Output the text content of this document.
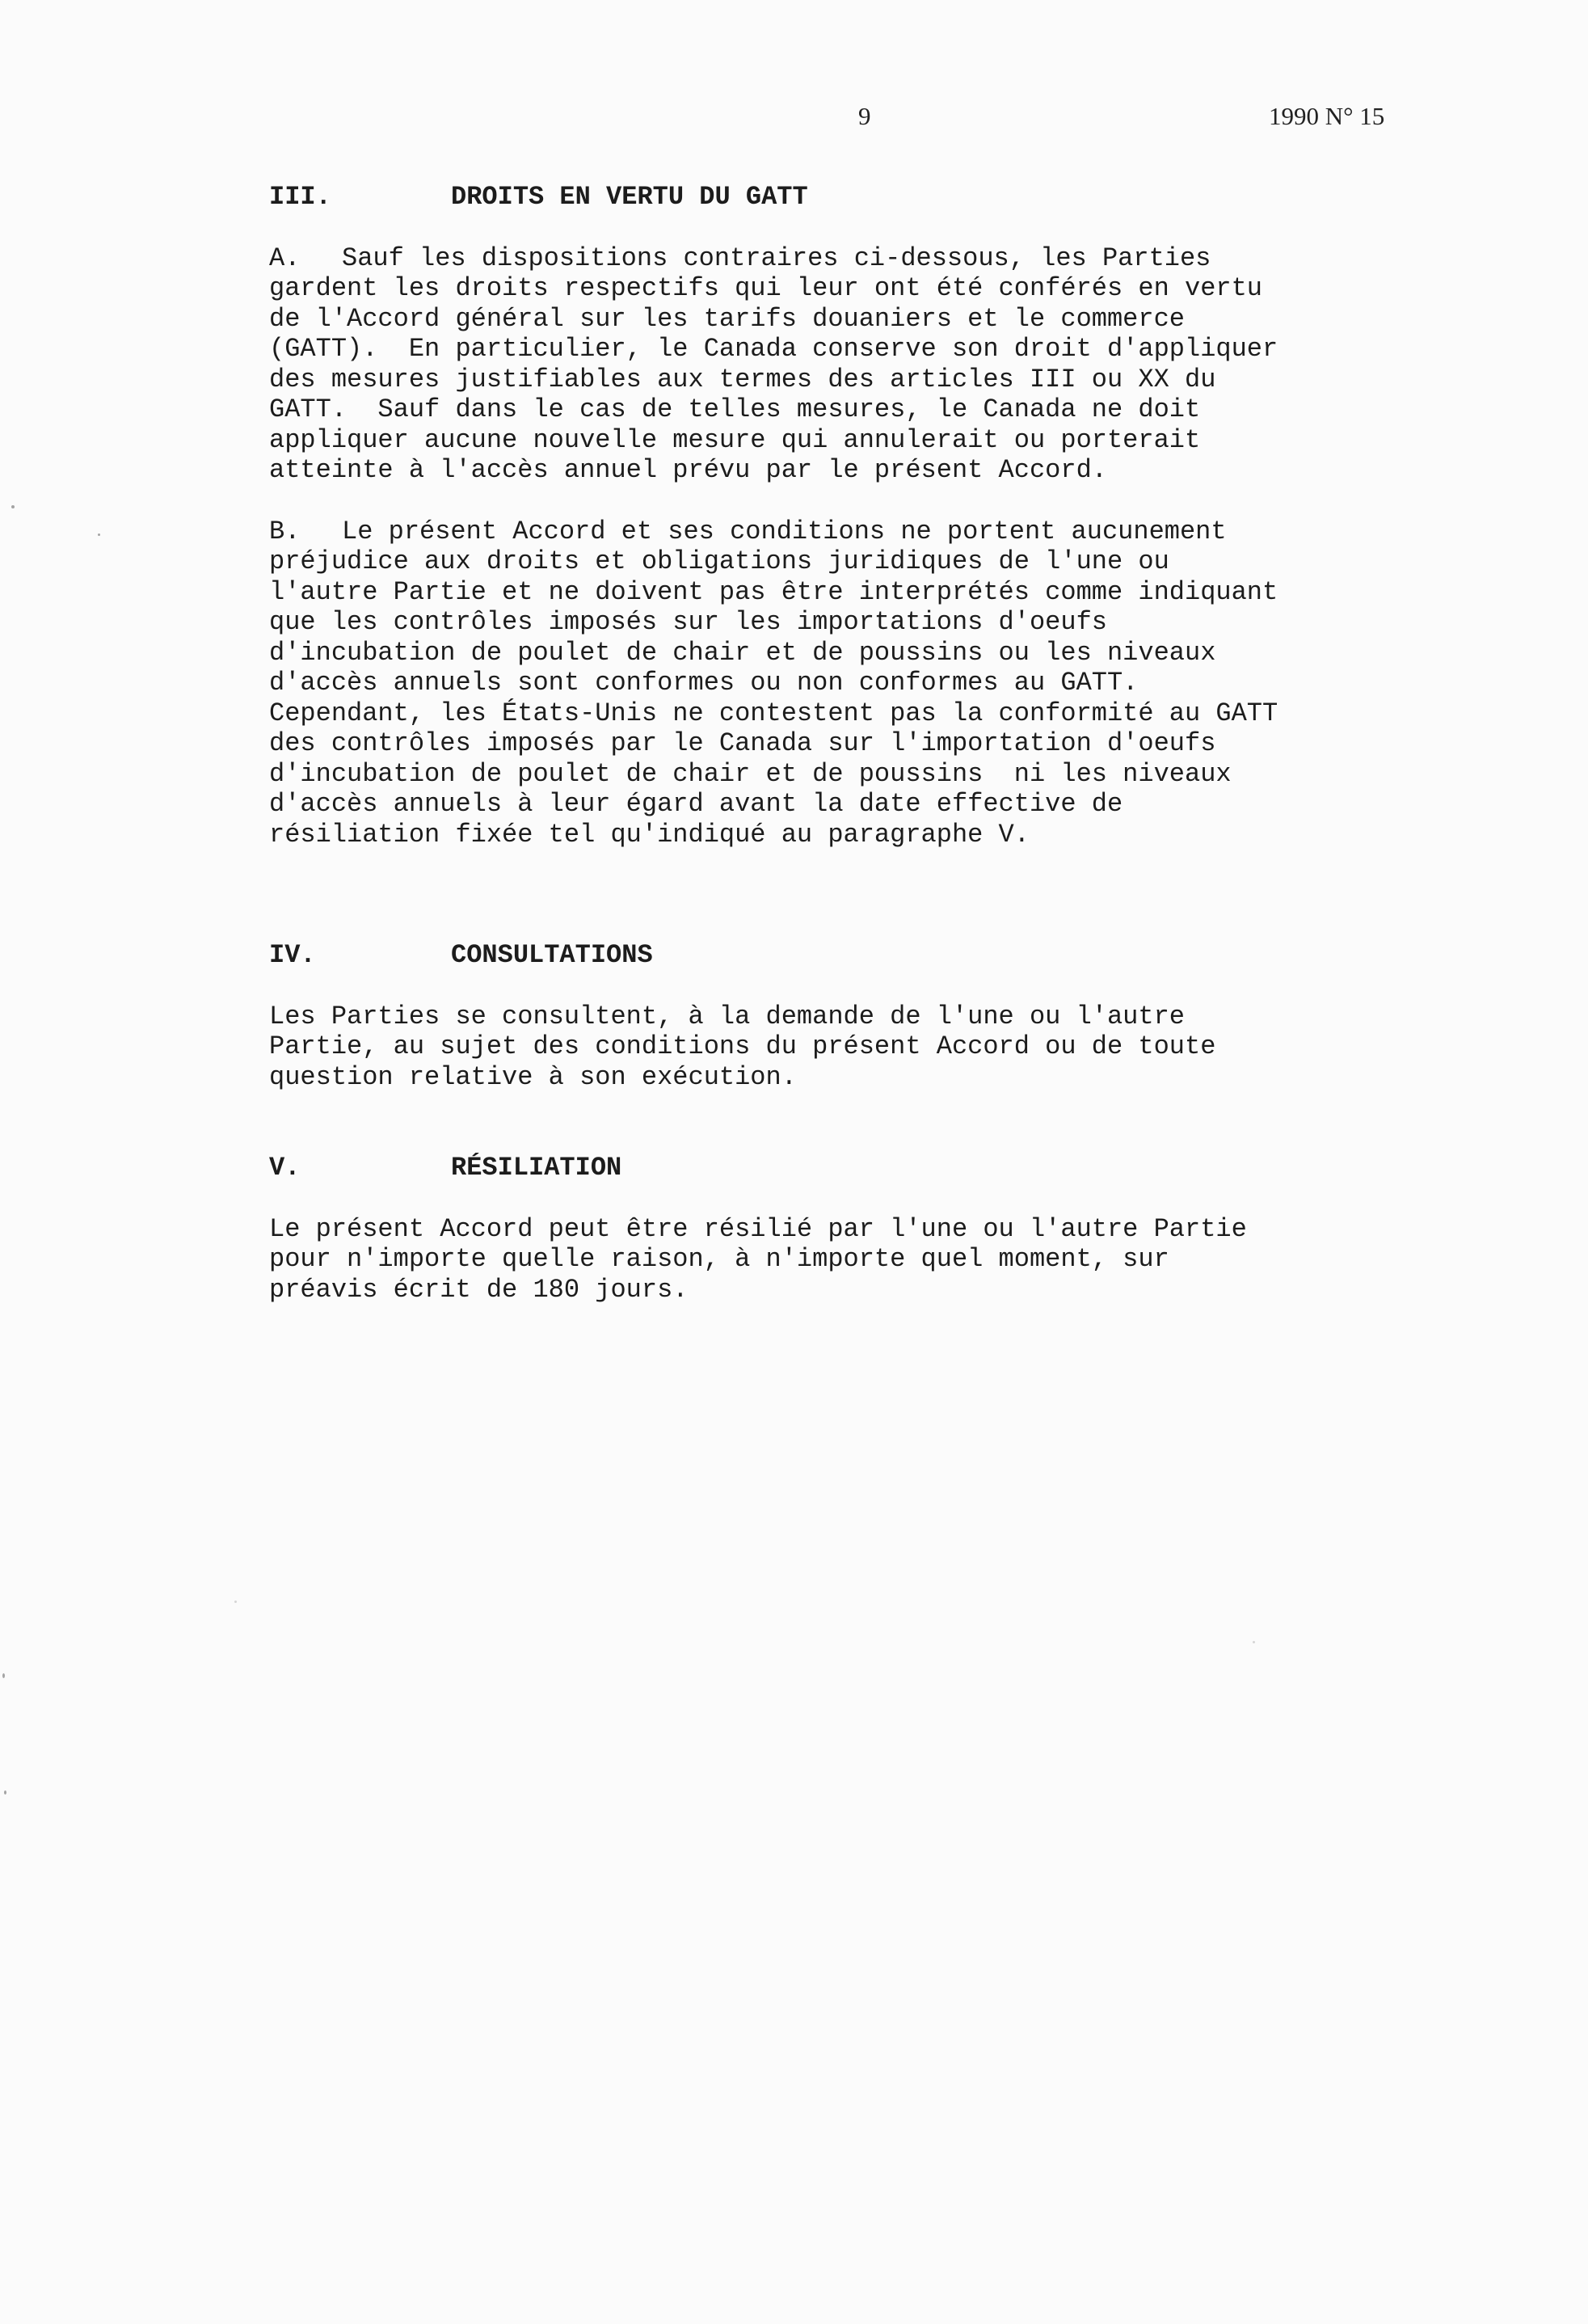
9	1990 N° 15
III.	DROITS EN VERTU DU GATT
A. Sauf les dispositions contraires ci-dessous, les Parties
gardent les droits respectifs qui leur ont été conférés en vertu
de l'Accord général sur les tarifs douaniers et le commerce
(GATT).  En particulier, le Canada conserve son droit d'appliquer
des mesures justifiables aux termes des articles III ou XX du
GATT.  Sauf dans le cas de telles mesures, le Canada ne doit
appliquer aucune nouvelle mesure qui annulerait ou porterait
atteinte à l'accès annuel prévu par le présent Accord.
B. Le présent Accord et ses conditions ne portent aucunement
préjudice aux droits et obligations juridiques de l'une ou
l'autre Partie et ne doivent pas être interprétés comme indiquant
que les contrôles imposés sur les importations d'oeufs
d'incubation de poulet de chair et de poussins ou les niveaux
d'accès annuels sont conformes ou non conformes au GATT.
Cependant, les États-Unis ne contestent pas la conformité au GATT
des contrôles imposés par le Canada sur l'importation d'oeufs
d'incubation de poulet de chair et de poussins  ni les niveaux
d'accès annuels à leur égard avant la date effective de
résiliation fixée tel qu'indiqué au paragraphe V.
IV.	CONSULTATIONS
Les Parties se consultent, à la demande de l'une ou l'autre
Partie, au sujet des conditions du présent Accord ou de toute
question relative à son exécution.
V.	RÉSILIATION
Le présent Accord peut être résilié par l'une ou l'autre Partie
pour n'importe quelle raison, à n'importe quel moment, sur
préavis écrit de 180 jours.
